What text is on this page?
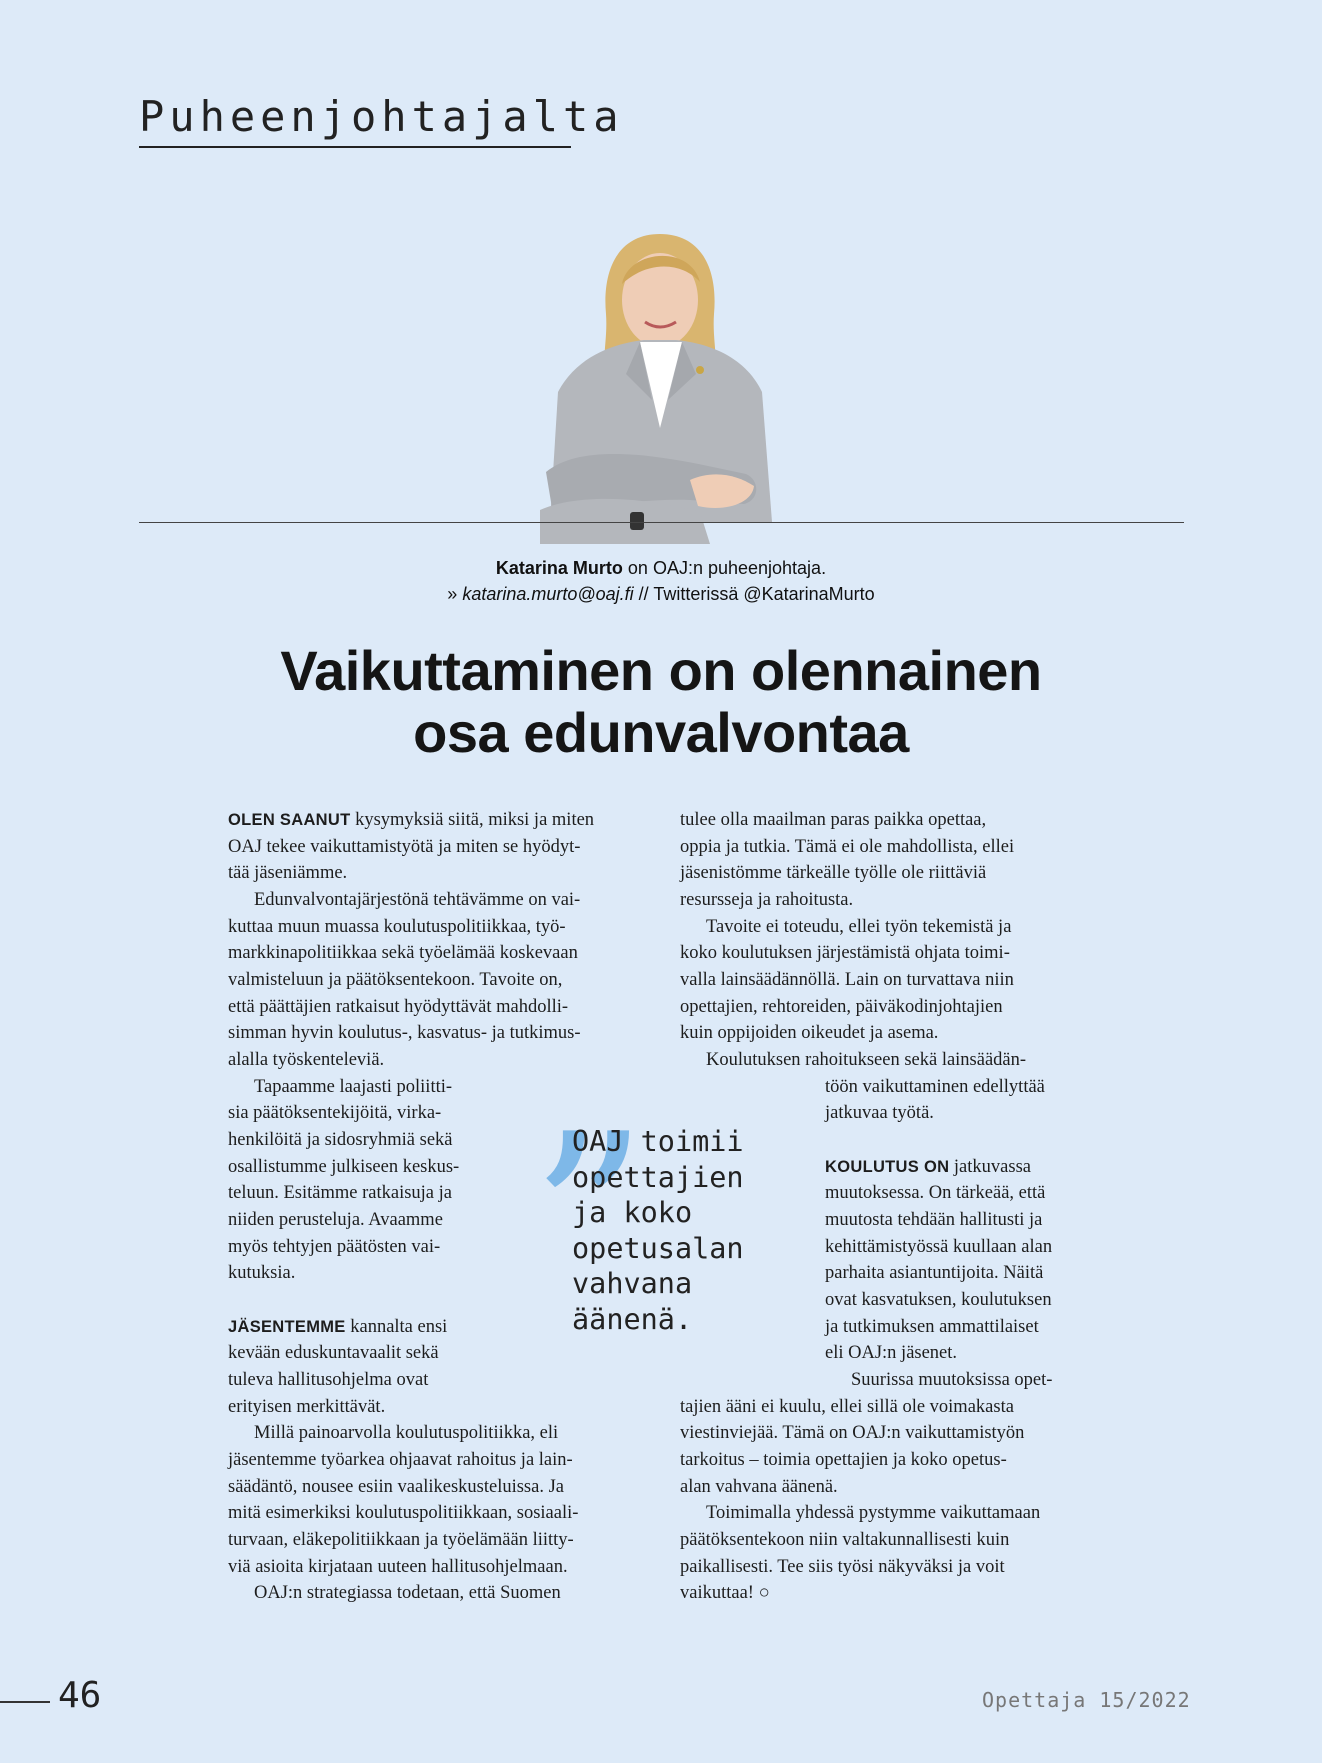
Puheenjohtajalta
Katarina Murto on OAJ:n puheenjohtaja.
» katarina.murto@oaj.fi // Twitterissä @KatarinaMurto
Vaikuttaminen on olennainen
osa edunvalvontaa
OLEN SAANUT kysymyksiä siitä, miksi ja miten
OAJ tekee vaikuttamistyötä ja miten se hyödyt-
tää jäseniämme.
Edunvalvontajärjestönä tehtävämme on vai-
kuttaa muun muassa koulutuspolitiikkaa, työ-
markkinapolitiikkaa sekä työelämää koskevaan
valmisteluun ja päätöksentekoon. Tavoite on,
että päättäjien ratkaisut hyödyttävät mahdolli-
simman hyvin koulutus-, kasvatus- ja tutkimus-
alalla työskenteleviä.
Tapaamme laajasti poliitti-
sia päätöksentekijöitä, virka-
henkilöitä ja sidosryhmiä sekä
osallistumme julkiseen keskus-
teluun. Esitämme ratkaisuja ja
niiden perusteluja. Avaamme
myös tehtyjen päätösten vai-
kutuksia.
JÄSENTEMME kannalta ensi
kevään eduskuntavaalit sekä
tuleva hallitusohjelma ovat
erityisen merkittävät.
Millä painoarvolla koulutuspolitiikka, eli
jäsentemme työarkea ohjaavat rahoitus ja lain-
säädäntö, nousee esiin vaalikeskusteluissa. Ja
mitä esimerkiksi koulutuspolitiikkaan, sosiaali-
turvaan, eläkepolitiikkaan ja työelämään liitty-
viä asioita kirjataan uuteen hallitusohjelmaan.
OAJ:n strategiassa todetaan, että Suomen
tulee olla maailman paras paikka opettaa,
oppia ja tutkia. Tämä ei ole mahdollista, ellei
jäsenistömme tärkeälle työlle ole riittäviä
resursseja ja rahoitusta.
Tavoite ei toteudu, ellei työn tekemistä ja
koko koulutuksen järjestämistä ohjata toimi-
valla lainsäädännöllä. Lain on turvattava niin
opettajien, rehtoreiden, päiväkodinjohtajien
kuin oppijoiden oikeudet ja asema.
Koulutuksen rahoitukseen sekä lainsäädän-
töön vaikuttaminen edellyttää
jatkuvaa työtä.
KOULUTUS ON jatkuvassa
muutoksessa. On tärkeää, että
muutosta tehdään hallitusti ja
kehittämistyössä kuullaan alan
parhaita asiantuntijoita. Näitä
ovat kasvatuksen, koulutuksen
ja tutkimuksen ammattilaiset
eli OAJ:n jäsenet.
Suurissa muutoksissa opet-
tajien ääni ei kuulu, ellei sillä ole voimakasta
viestinviejää. Tämä on OAJ:n vaikuttamistyön
tarkoitus – toimia opettajien ja koko opetus-
alan vahvana äänenä.
Toimimalla yhdessä pystymme vaikuttamaan
päätöksentekoon niin valtakunnallisesti kuin
paikallisesti. Tee siis työsi näkyväksi ja voit
vaikuttaa! ○
OAJ toimii
opettajien
ja koko
opetusalan
vahvana
äänenä.
46	Opettaja 15/2022
